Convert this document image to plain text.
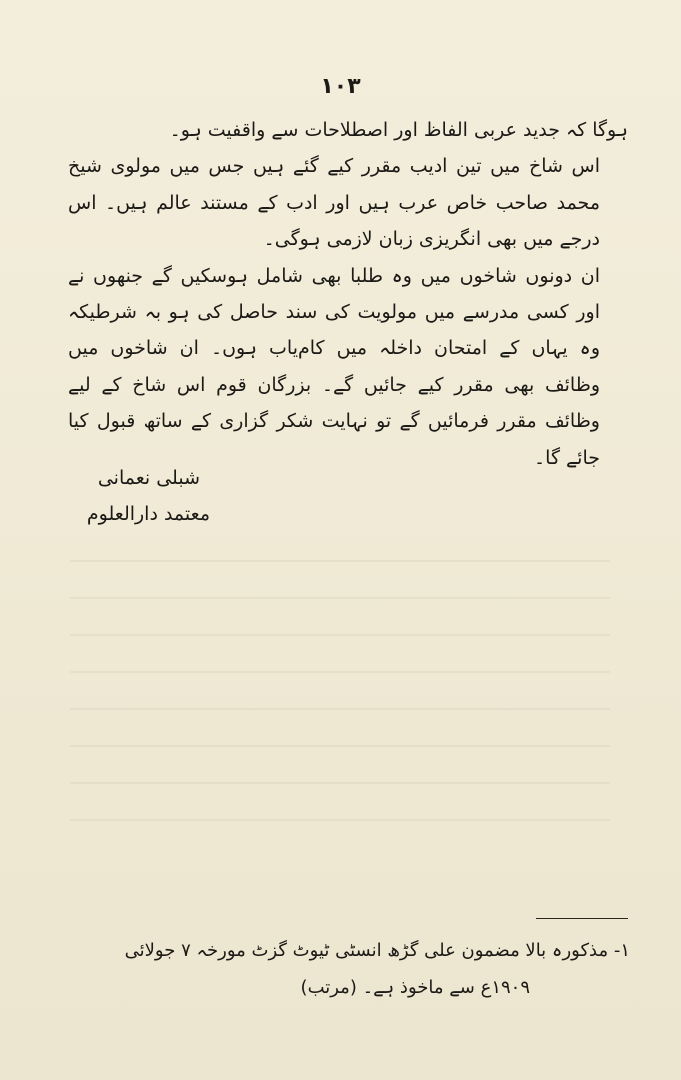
۱۰۳

ہوگا کہ جدید عربی الفاظ اور اصطلاحات سے واقفیت ہو۔

اس شاخ میں تین ادیب مقرر کیے گئے ہیں جس میں مولوی شیخ محمد صاحب خاص عرب ہیں اور ادب کے مستند عالم ہیں۔ اس درجے میں بھی انگریزی زبان لازمی ہوگی۔

ان دونوں شاخوں میں وہ طلبا بھی شامل ہوسکیں گے جنھوں نے اور کسی مدرسے میں مولویت کی سند حاصل کی ہو بہ شرطیکہ وہ یہاں کے امتحان داخلہ میں کام‌یاب ہوں۔ ان شاخوں میں وظائف بھی مقرر کیے جائیں گے۔ بزرگان قوم اس شاخ کے لیے وظائف مقرر فرمائیں گے تو نہایت شکر گزاری کے ساتھ قبول کیا جائے گا۔

شبلی نعمانی
معتمد دارالعلوم

۱- مذکورہ بالا مضمون علی گڑھ انسٹی ٹیوٹ گزٹ مورخہ ۷ جولائی

۱۹۰۹ع سے ماخوذ ہے۔ (مرتب)
